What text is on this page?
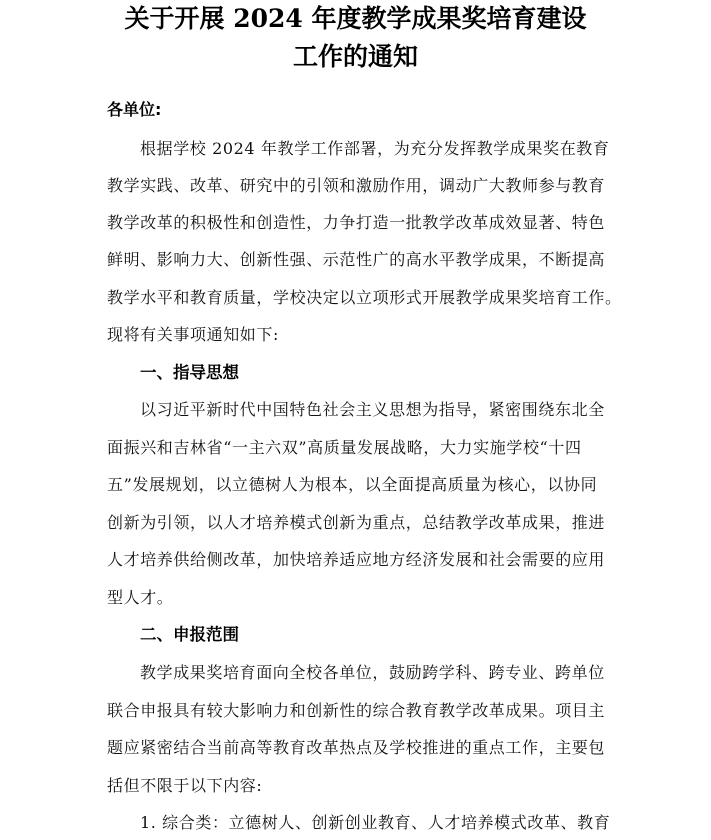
关于开展 2024 年度教学成果奖培育建设
工作的通知
各单位:
根据学校 2024 年教学工作部署，为充分发挥教学成果奖在教育
教学实践、改革、研究中的引领和激励作用，调动广大教师参与教育
教学改革的积极性和创造性，力争打造一批教学改革成效显著、特色
鲜明、影响力大、创新性强、示范性广的高水平教学成果，不断提高
教学水平和教育质量，学校决定以立项形式开展教学成果奖培育工作。
现将有关事项通知如下:
一、指导思想
以习近平新时代中国特色社会主义思想为指导，紧密围绕东北全
面振兴和吉林省“一主六双”高质量发展战略，大力实施学校“十四
五”发展规划，以立德树人为根本，以全面提高质量为核心，以协同
创新为引领，以人才培养模式创新为重点，总结教学改革成果，推进
人才培养供给侧改革，加快培养适应地方经济发展和社会需要的应用
型人才。
二、申报范围
教学成果奖培育面向全校各单位，鼓励跨学科、跨专业、跨单位
联合申报具有较大影响力和创新性的综合教育教学改革成果。项目主
题应紧密结合当前高等教育改革热点及学校推进的重点工作，主要包
括但不限于以下内容:
1. 综合类：立德树人、创新创业教育、人才培养模式改革、教育
